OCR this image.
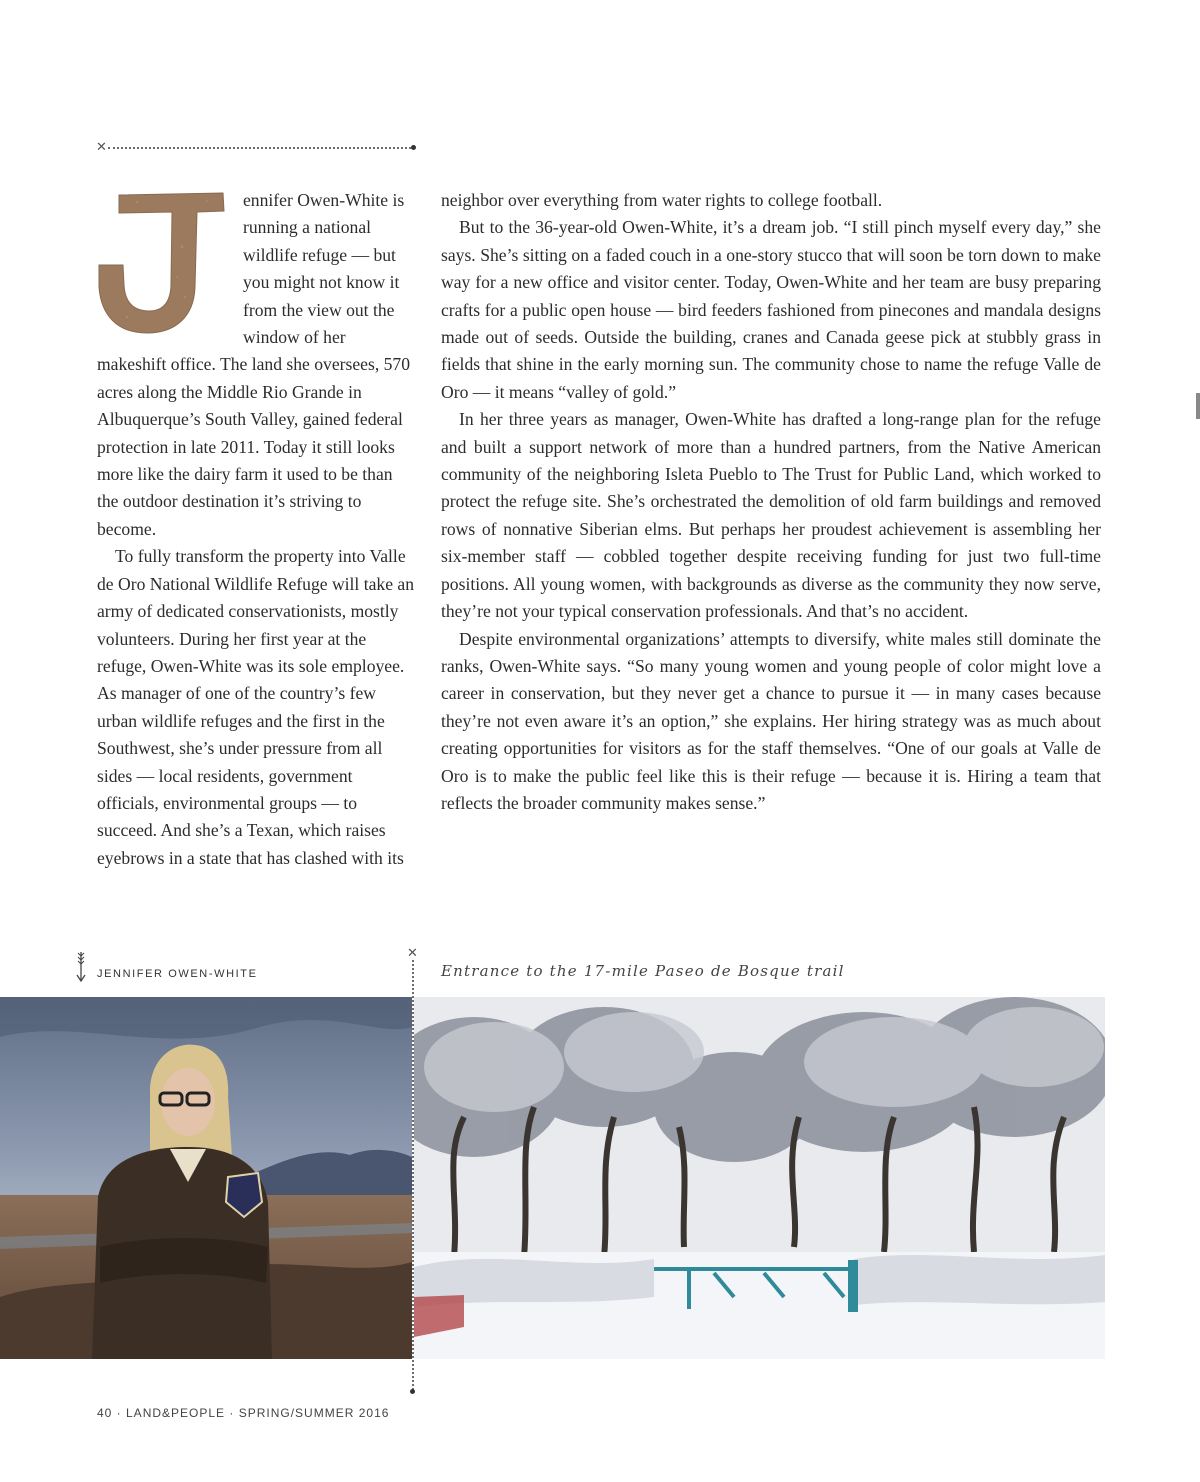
✕

ennifer Owen-White is running a national wildlife refuge — but you might not know it from the view out the window of her makeshift office. The land she oversees, 570 acres along the Middle Rio Grande in Albuquerque’s South Valley, gained federal protection in late 2011. Today it still looks more like the dairy farm it used to be than the outdoor destination it’s striving to become.

To fully transform the property into Valle de Oro National Wildlife Refuge will take an army of dedicated conservationists, mostly volunteers. During her first year at the refuge, Owen-White was its sole employee. As manager of one of the country’s few urban wildlife refuges and the first in the Southwest, she’s under pressure from all sides — local residents, government officials, environmental groups — to succeed. And she’s a Texan, which raises eyebrows in a state that has clashed with its

neighbor over everything from water rights to college football.

But to the 36-year-old Owen-White, it’s a dream job. “I still pinch myself every day,” she says. She’s sitting on a faded couch in a one-story stucco that will soon be torn down to make way for a new office and visitor center. Today, Owen-White and her team are busy preparing crafts for a public open house — bird feeders fashioned from pinecones and mandala designs made out of seeds. Outside the building, cranes and Canada geese pick at stubbly grass in fields that shine in the early morning sun. The community chose to name the refuge Valle de Oro — it means “valley of gold.”

In her three years as manager, Owen-White has drafted a long-range plan for the refuge and built a support network of more than a hundred partners, from the Native American community of the neighboring Isleta Pueblo to The Trust for Public Land, which worked to protect the refuge site. She’s orchestrated the demolition of old farm buildings and removed rows of nonnative Siberian elms. But perhaps her proudest achievement is assembling her six-member staff — cobbled together despite receiving funding for just two full-time positions. All young women, with backgrounds as diverse as the community they now serve, they’re not your typical conservation professionals. And that’s no accident.

Despite environmental organizations’ attempts to diversify, white males still dominate the ranks, Owen-White says. “So many young women and young people of color might love a career in conservation, but they never get a chance to pursue it — in many cases because they’re not even aware it’s an option,” she explains. Her hiring strategy was as much about creating opportunities for visitors as for the staff themselves. “One of our goals at Valle de Oro is to make the public feel like this is their refuge — because it is. Hiring a team that reflects the broader community makes sense.”

✕
JENNIFER OWEN-WHITE	Entrance to the 17-mile Paseo de Bosque trail
40 · LAND&PEOPLE · SPRING/SUMMER 2016
